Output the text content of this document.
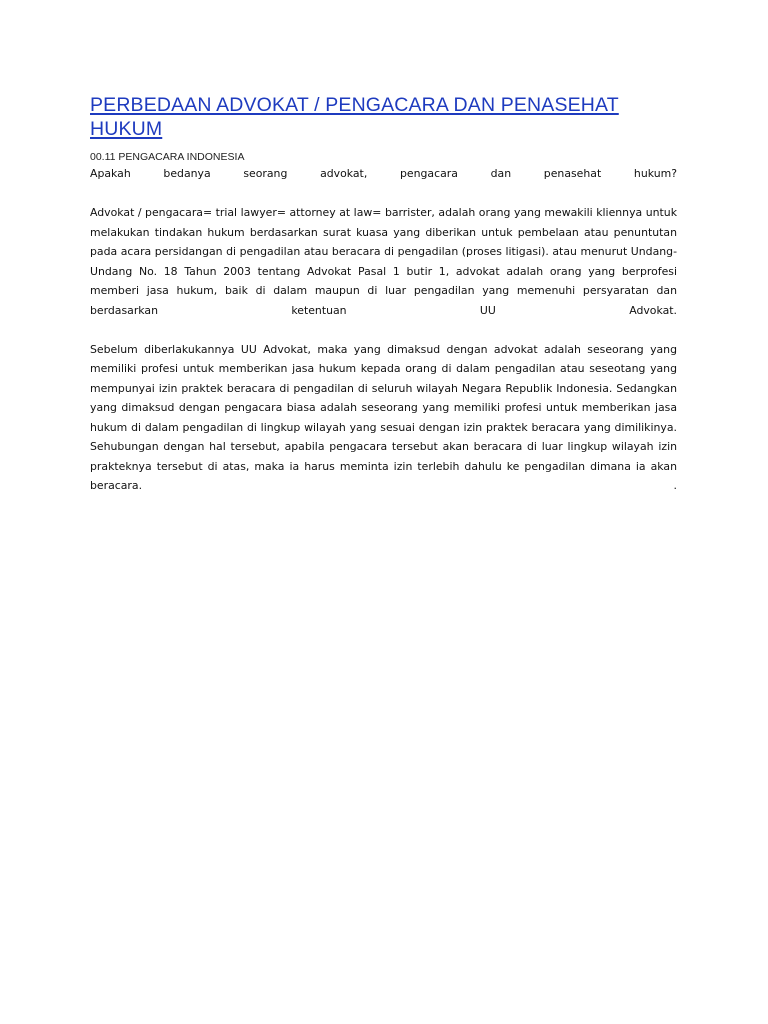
PERBEDAAN ADVOKAT / PENGACARA DAN PENASEHAT HUKUM
00.11 PENGACARA INDONESIA

Apakah bedanya seorang advokat, pengacara dan penasehat hukum?

Advokat / pengacara= trial lawyer= attorney at law= barrister, adalah orang yang mewakili kliennya untuk melakukan tindakan hukum berdasarkan surat kuasa yang diberikan untuk pembelaan atau penuntutan pada acara persidangan di pengadilan atau beracara di pengadilan (proses litigasi). atau menurut Undang-Undang No. 18 Tahun 2003 tentang Advokat Pasal 1 butir 1, advokat adalah orang yang berprofesi memberi jasa hukum, baik di dalam maupun di luar pengadilan yang memenuhi persyaratan dan berdasarkan ketentuan UU Advokat.

Sebelum diberlakukannya UU Advokat, maka yang dimaksud dengan advokat adalah seseorang yang memiliki profesi untuk memberikan jasa hukum kepada orang di dalam pengadilan atau seseotang yang mempunyai izin praktek beracara di pengadilan di seluruh wilayah Negara Republik Indonesia. Sedangkan yang dimaksud dengan pengacara biasa adalah seseorang yang memiliki profesi untuk memberikan jasa hukum di dalam pengadilan di lingkup wilayah yang sesuai dengan izin praktek beracara yang dimilikinya. Sehubungan dengan hal tersebut, apabila pengacara tersebut akan beracara di luar lingkup wilayah izin prakteknya tersebut di atas, maka ia harus meminta izin terlebih dahulu ke pengadilan dimana ia akan beracara. .
